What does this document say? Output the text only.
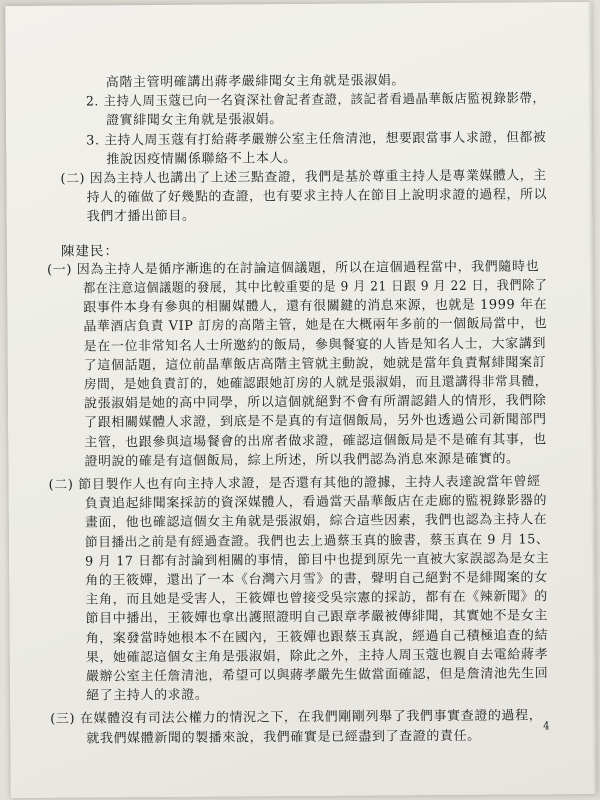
高階主管明確講出蔣孝嚴緋聞女主角就是張淑娟。
2. 主持人周玉蔻已向一名資深社會記者查證，該記者看過晶華飯店監視錄影帶，
證實緋聞女主角就是張淑娟。
3. 主持人周玉蔻有打給蔣孝嚴辦公室主任詹清池，想要跟當事人求證，但都被
推說因疫情關係聯絡不上本人。
(二) 因為主持人也講出了上述三點查證，我們是基於尊重主持人是專業媒體人，主
持人的確做了好幾點的查證，也有要求主持人在節目上說明求證的過程，所以
我們才播出節目。
陳建民：
(一) 因為主持人是循序漸進的在討論這個議題，所以在這個過程當中，我們隨時也
都在注意這個議題的發展，其中比較重要的是 9 月 21 日跟 9 月 22 日，我們除了
跟事件本身有參與的相關媒體人，還有很關鍵的消息來源，也就是 1999 年在
晶華酒店負責 VIP 訂房的高階主管，她是在大概兩年多前的一個飯局當中，也
是在一位非常知名人士所邀約的飯局，參與餐宴的人皆是知名人士，大家講到
了這個話題，這位前晶華飯店高階主管就主動說，她就是當年負責幫緋聞案訂
房間，是她負責訂的，她確認跟她訂房的人就是張淑娟，而且還講得非常具體，
說張淑娟是她的高中同學，所以這個就絕對不會有所謂認錯人的情形，我們除
了跟相關媒體人求證，到底是不是真的有這個飯局，另外也透過公司新聞部門
主管，也跟參與這場餐會的出席者做求證，確認這個飯局是不是確有其事，也
證明說的確是有這個飯局，綜上所述，所以我們認為消息來源是確實的。
(二) 節目製作人也有向主持人求證，是否還有其他的證據，主持人表達說當年曾經
負責追起緋聞案採訪的資深媒體人，看過當天晶華飯店在走廊的監視錄影器的
畫面，他也確認這個女主角就是張淑娟，綜合這些因素，我們也認為主持人在
節目播出之前是有經過查證。我們也去上過蔡玉真的臉書，蔡玉真在 9 月 15、
9 月 17 日都有討論到相關的事情，節目中也提到原先一直被大家誤認為是女主
角的王筱嬋，還出了一本《台灣六月雪》的書，聲明自己絕對不是緋聞案的女
主角，而且她是受害人，王筱嬋也曾接受吳宗憲的採訪，都有在《辣新聞》的
節目中播出，王筱嬋也拿出護照證明自己跟章孝嚴被傳緋聞，其實她不是女主
角，案發當時她根本不在國內，王筱嬋也跟蔡玉真說，經過自己積極追查的結
果，她確認這個女主角是張淑娟，除此之外，主持人周玉蔻也親自去電給蔣孝
嚴辦公室主任詹清池，希望可以與蔣孝嚴先生做當面確認，但是詹清池先生回
絕了主持人的求證。
4
(三) 在媒體沒有司法公權力的情況之下，在我們剛剛列舉了我們事實查證的過程，
就我們媒體新聞的製播來說，我們確實是已經盡到了查證的責任。
